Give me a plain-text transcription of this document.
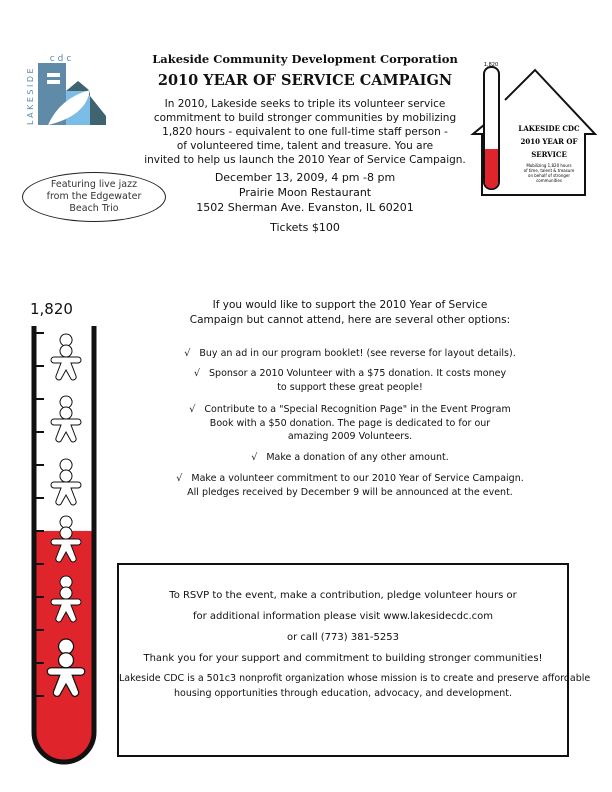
cdc
LAKESIDE
Lakeside Community Development Corporation
2010 YEAR OF SERVICE CAMPAIGN
In 2010, Lakeside seeks to triple its volunteer service
commitment to build stronger communities by mobilizing
1,820 hours - equivalent to one full-time staff person -
of volunteered time, talent and treasure. You are
invited to help us launch the 2010 Year of Service Campaign.
December 13, 2009, 4 pm -8 pm
Prairie Moon Restaurant
1502 Sherman Ave. Evanston, IL 60201
Tickets $100
Featuring live jazz
from the Edgewater
Beach Trio
1,820
LAKESIDE CDC
2010 YEAR OF
SERVICE
Mobilizing 1,820 hours
of time, talent & treasure
on behalf of stronger
communities
1,820	If you would like to support the 2010 Year of Service
Campaign but cannot attend, here are several other options:
√ Buy an ad in our program booklet! (see reverse for layout details).
√ Sponsor a 2010 Volunteer with a $75 donation. It costs money
to support these great people!
√ Contribute to a "Special Recognition Page" in the Event Program
Book with a $50 donation. The page is dedicated to for our
amazing 2009 Volunteers.
√ Make a donation of any other amount.
√ Make a volunteer commitment to our 2010 Year of Service Campaign.
All pledges received by December 9 will be announced at the event.
To RSVP to the event, make a contribution, pledge volunteer hours or
for additional information please visit www.lakesidecdc.com
or call (773) 381-5253
Thank you for your support and commitment to building stronger communities!
Lakeside CDC is a 501c3 nonprofit organization whose mission is to create and preserve affordable
housing opportunities through education, advocacy, and development.
